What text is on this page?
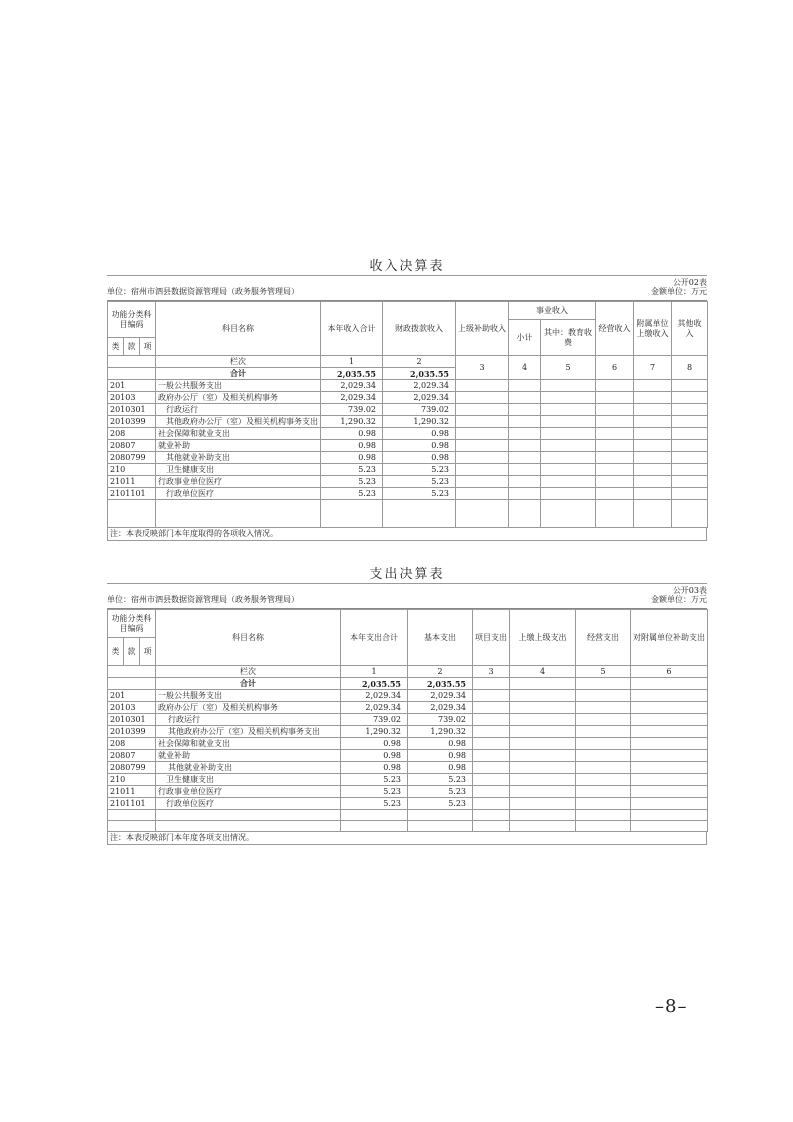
收入决算表
单位：宿州市泗县数据资源管理局（政务服务管理局）
公开02表
金额单位：万元
功能分类科目编码			科目名称	本年收入合计	财政拨款收入	上级补助收入	事业收入		经营收入	附属单位上缴收入	其他收入
							小计	其中：教育收费			
类	款	项									
			栏次	1	2	3	4	5	6	7	8
			合计	2,035.55	2,035.55						
201			一般公共服务支出	2,029.34	2,029.34						
20103			政府办公厅（室）及相关机构事务	2,029.34	2,029.34						
2010301			行政运行	739.02	739.02						
2010399			其他政府办公厅（室）及相关机构事务支出	1,290.32	1,290.32						
208			社会保障和就业支出	0.98	0.98						
20807			就业补助	0.98	0.98						
2080799			其他就业补助支出	0.98	0.98						
210			卫生健康支出	5.23	5.23						
21011			行政事业单位医疗	5.23	5.23						
2101101			行政单位医疗	5.23	5.23						

注：本表反映部门本年度取得的各项收入情况。
支出决算表
单位：宿州市泗县数据资源管理局（政务服务管理局）
公开03表
金额单位：万元
功能分类科目编码			科目名称	本年支出合计	基本支出	项目支出	上缴上级支出	经营支出	对附属单位补助支出
类	款	项							
			栏次	1	2	3	4	5	6
			合计	2,035.55	2,035.55				
201			一般公共服务支出	2,029.34	2,029.34				
20103			政府办公厅（室）及相关机构事务	2,029.34	2,029.34				
2010301			行政运行	739.02	739.02				
2010399			其他政府办公厅（室）及相关机构事务支出	1,290.32	1,290.32				
208			社会保障和就业支出	0.98	0.98				
20807			就业补助	0.98	0.98				
2080799			其他就业补助支出	0.98	0.98				
210			卫生健康支出	5.23	5.23				
21011			行政事业单位医疗	5.23	5.23				
2101101			行政单位医疗	5.23	5.23				

注：本表反映部门本年度各项支出情况。
–8–
